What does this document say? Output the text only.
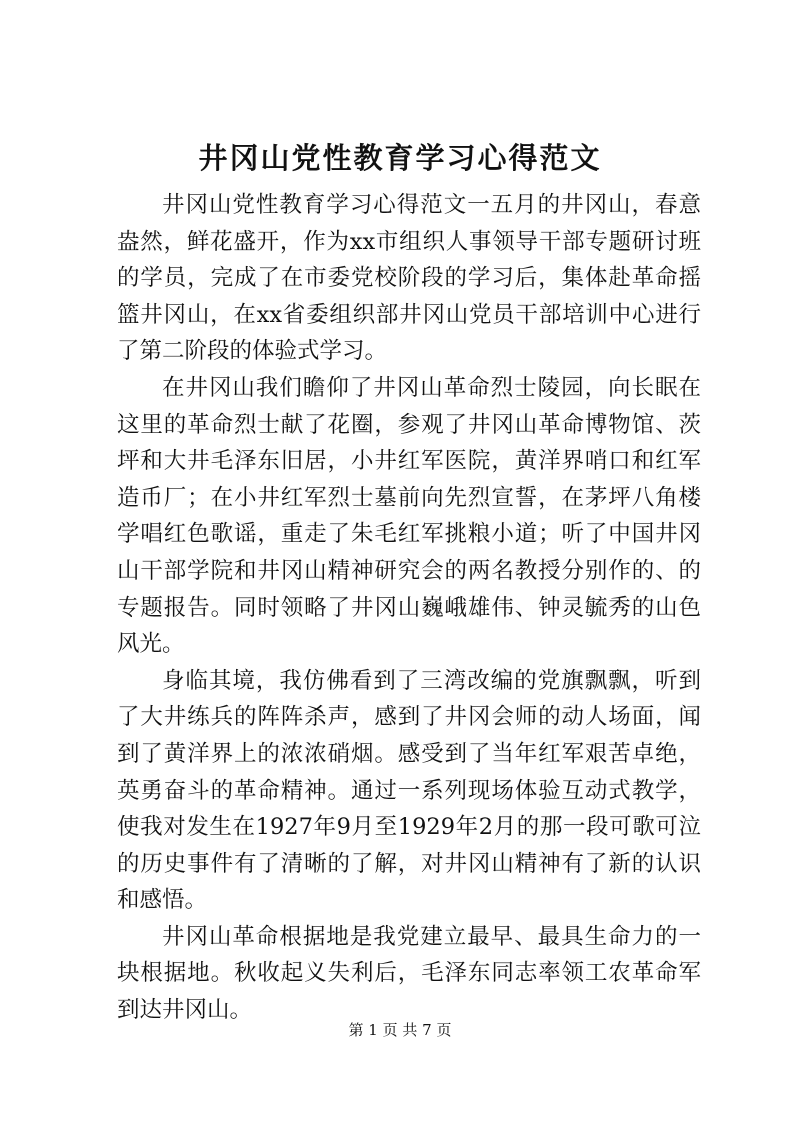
井冈山党性教育学习心得范文

井冈山党性教育学习心得范文一五月的井冈山，春意盎然，鲜花盛开，作为xx市组织人事领导干部专题研讨班的学员，完成了在市委党校阶段的学习后，集体赴革命摇篮井冈山，在xx省委组织部井冈山党员干部培训中心进行了第二阶段的体验式学习。

在井冈山我们瞻仰了井冈山革命烈士陵园，向长眠在这里的革命烈士献了花圈，参观了井冈山革命博物馆、茨坪和大井毛泽东旧居，小井红军医院，黄洋界哨口和红军造币厂；在小井红军烈士墓前向先烈宣誓，在茅坪八角楼学唱红色歌谣，重走了朱毛红军挑粮小道；听了中国井冈山干部学院和井冈山精神研究会的两名教授分别作的、的专题报告。同时领略了井冈山巍峨雄伟、钟灵毓秀的山色风光。

身临其境，我仿佛看到了三湾改编的党旗飘飘，听到了大井练兵的阵阵杀声，感到了井冈会师的动人场面，闻到了黄洋界上的浓浓硝烟。感受到了当年红军艰苦卓绝，英勇奋斗的革命精神。通过一系列现场体验互动式教学，使我对发生在1927年9月至1929年2月的那一段可歌可泣的历史事件有了清晰的了解，对井冈山精神有了新的认识和感悟。

井冈山革命根据地是我党建立最早、最具生命力的一块根据地。秋收起义失利后，毛泽东同志率领工农革命军到达井冈山。

第 1 页 共 7 页
